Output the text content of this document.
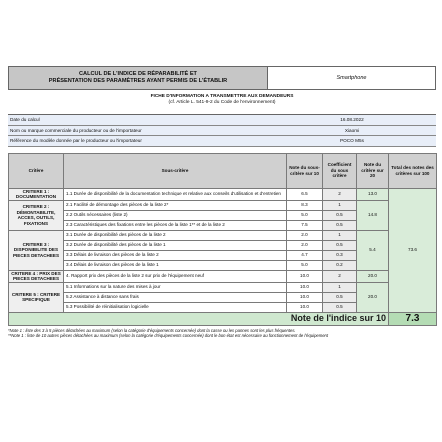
CALCUL DE L'INDICE DE RÉPARABILITÉ ET
PRÉSENTATION DES PARAMÈTRES AYANT PERMIS DE L'ÉTABLIR	Smartphone
FICHE D'INFORMATION A TRANSMETTRE AUX DEMANDEURS
(cf. Article L. 541-9-2 du Code de l'environnement)
Date du calcul	16.08.2022
Nom ou marque commerciale du producteur ou de l'importateur	Xiaomi
Référence du modèle donnée par le producteur ou l'importateur	POCO M5s
Critère	Sous-critère	Note du sous-critère sur 10	Coefficient du sous critère	Note du critère sur 20	Total des notes des critères sur 100
CRITERE 1 : DOCUMENTATION	1.1 Durée de disponibilité de la documentation technique et relative aux conseils d'utilisation et d'entretien	6.5	2	13.0	73.6
CRITERE 2 : DÉMONTABILITE, ACCES, OUTILS, FIXATIONS	2.1 Facilité de démontage des pièces de la liste 2*	8.3	1	14.8	
	2.2 Outils nécessaires (liste 2)	5.0	0.5		
	2.3 Caractéristiques des fixations entre les pièces de la liste 1** et de la liste 2	7.5	0.5		
CRITERE 3 : DISPONIBILITE DES PIECES DETACHEES	3.1 Durée de disponibilité des pièces de la liste 2	2.0	1	5.4	
	3.2 Durée de disponibilité des pièces de la liste 1	2.0	0.5		
	3.3 Délais de livraison des pièces de la liste 2	4.7	0.3		
	3.4 Délais de livraison des pièces de la liste 1	5.0	0.2		
CRITERE 4 : PRIX DES PIECES DETACHEES	4. Rapport prix des pièces de la liste 2 sur prix de l'équipement neuf	10.0	2	20.0	
CRITERE 5 : CRITERE SPECIFIQUE	5.1 Informations sur la nature des mises à jour	10.0	1	20.0	
	5.2 Assistance à distance sans frais	10.0	0.5		
	5.3 Possibilité de réinitialisation logicielle	10.0	0.5		
Note de l'indice sur 10					7.3
*Note 1 : liste des 3 à 5 pièces détachées au maximum (selon la catégorie d'équipements concernée) dont la casse ou les pannes sont les plus fréquentes.
**Note 1 : liste de 10 autres pièces détachées au maximum (selon la catégorie d'équipements concernée) dont le bon état est nécessaire au fonctionnement de l'équipement
